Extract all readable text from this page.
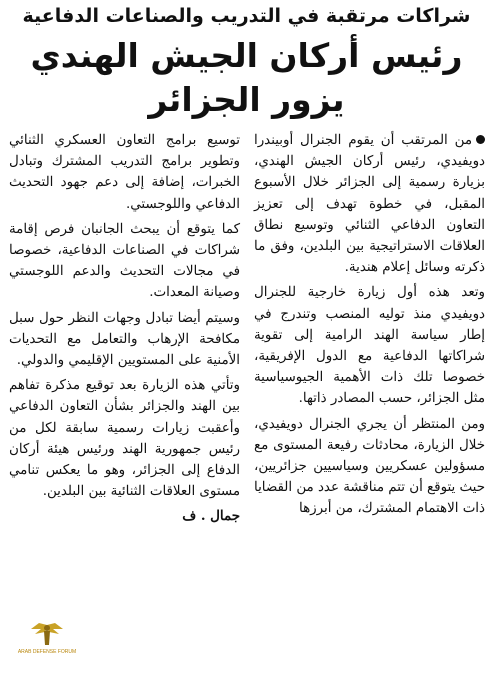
شراكات مرتقبة في التدريب والصناعات الدفاعية
رئيس أركان الجيش الهندي يزور الجزائر

من المرتقب أن يقوم الجنرال أوبيندرا دويفيدي، رئيس أركان الجيش الهندي، بزيارة رسمية إلى الجزائر خلال الأسبوع المقبل، في خطوة تهدف إلى تعزيز التعاون الدفاعي الثنائي وتوسيع نطاق العلاقات الاستراتيجية بين البلدين، وفق ما ذكرته وسائل إعلام هندية.

وتعد هذه أول زيارة خارجية للجنرال دويفيدي منذ توليه المنصب وتندرج في إطار سياسة الهند الرامية إلى تقوية شراكاتها الدفاعية مع الدول الإفريقية، خصوصا تلك ذات الأهمية الجيوسياسية مثل الجزائر، حسب المصادر ذاتها.

ومن المنتظر أن يجري الجنرال دويفيدي، خلال الزيارة، محادثات رفيعة المستوى مع مسؤولين عسكريين وسياسيين جزائريين، حيث يتوقع أن تتم مناقشة عدد من القضايا ذات الاهتمام المشترك، من أبرزها

توسيع برامج التعاون العسكري الثنائي وتطوير برامج التدريب المشترك وتبادل الخبرات، إضافة إلى دعم جهود التحديث الدفاعي واللوجستي.

كما يتوقع أن يبحث الجانبان فرص إقامة شراكات في الصناعات الدفاعية، خصوصا في مجالات التحديث والدعم اللوجستي وصيانة المعدات.

وسيتم أيضا تبادل وجهات النظر حول سبل مكافحة الإرهاب والتعامل مع التحديات الأمنية على المستويين الإقليمي والدولي.

وتأتي هذه الزيارة بعد توقيع مذكرة تفاهم بين الهند والجزائر بشأن التعاون الدفاعي وأعقبت زيارات رسمية سابقة لكل من رئيس جمهورية الهند ورئيس هيئة أركان الدفاع إلى الجزائر، وهو ما يعكس تنامي مستوى العلاقات الثنائية بين البلدين.

جمال . ف
ARAB DEFENSE FORUM
